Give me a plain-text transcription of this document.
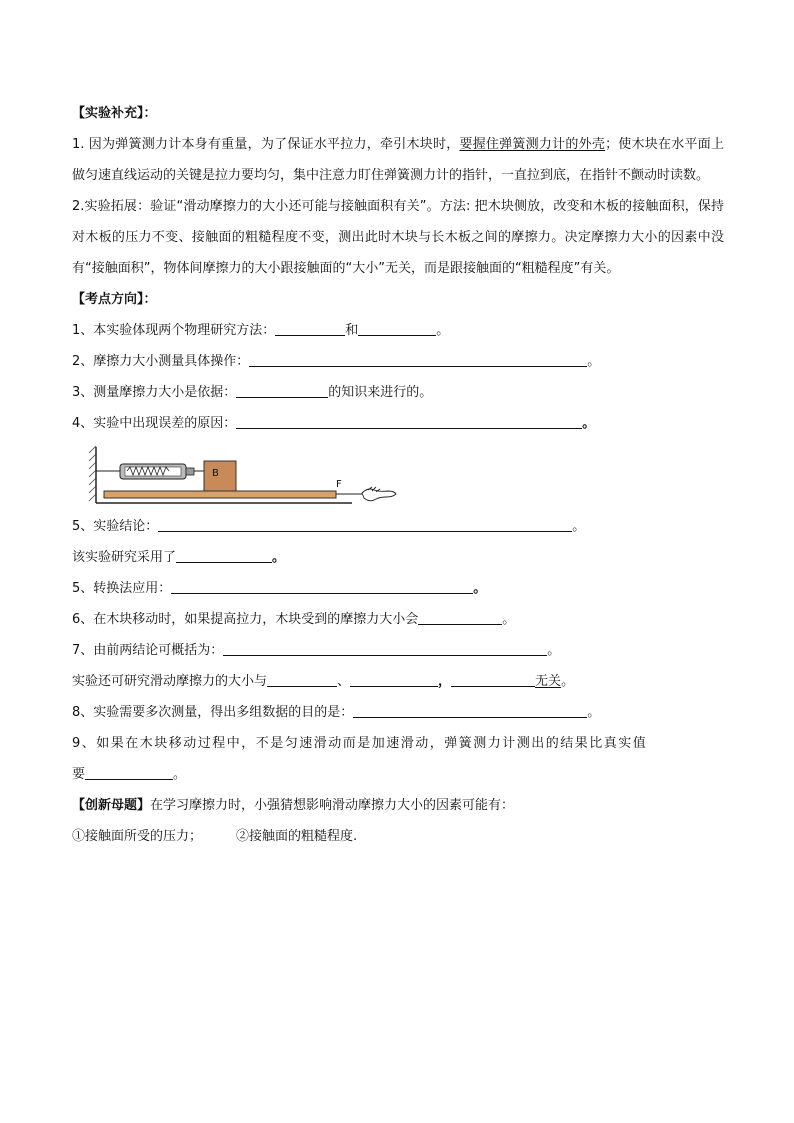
【实验补充】：

1. 因为弹簧测力计本身有重量，为了保证水平拉力，牵引木块时，要握住弹簧测力计的外壳；使木块在水平面上做匀速直线运动的关键是拉力要均匀，集中注意力盯住弹簧测力计的指针，一直拉到底，在指针不颤动时读数。

2.实验拓展：验证“滑动摩擦力的大小还可能与接触面积有关”。方法: 把木块侧放，改变和木板的接触面积，保持对木板的压力不变、接触面的粗糙程度不变，测出此时木块与长木板之间的摩擦力。决定摩擦力大小的因素中没有“接触面积”，物体间摩擦力的大小跟接触面的“大小”无关，而是跟接触面的“粗糙程度”有关。

【考点方向】：

1、本实验体现两个物理研究方法：	和	。

2、摩擦力大小测量具体操作：	。

3、测量摩擦力大小是依据：	的知识来进行的。

4、实验中出现误差的原因：	。

B
F

5、实验结论：	。

该实验研究采用了	。

5、转换法应用：	。

6、在木块移动时，如果提高拉力，木块受到的摩擦力大小会	。

7、由前两结论可概括为：	。

实验还可研究滑动摩擦力的大小与	、	，	无关。

8、实验需要多次测量，得出多组数据的目的是：	。

9、如果在木块移动过程中，不是匀速滑动而是加速滑动，弹簧测力计测出的结果比真实值

要	。

【创新母题】在学习摩擦力时，小强猜想影响滑动摩擦力大小的因素可能有：

①接触面所受的压力；	②接触面的粗糙程度.
